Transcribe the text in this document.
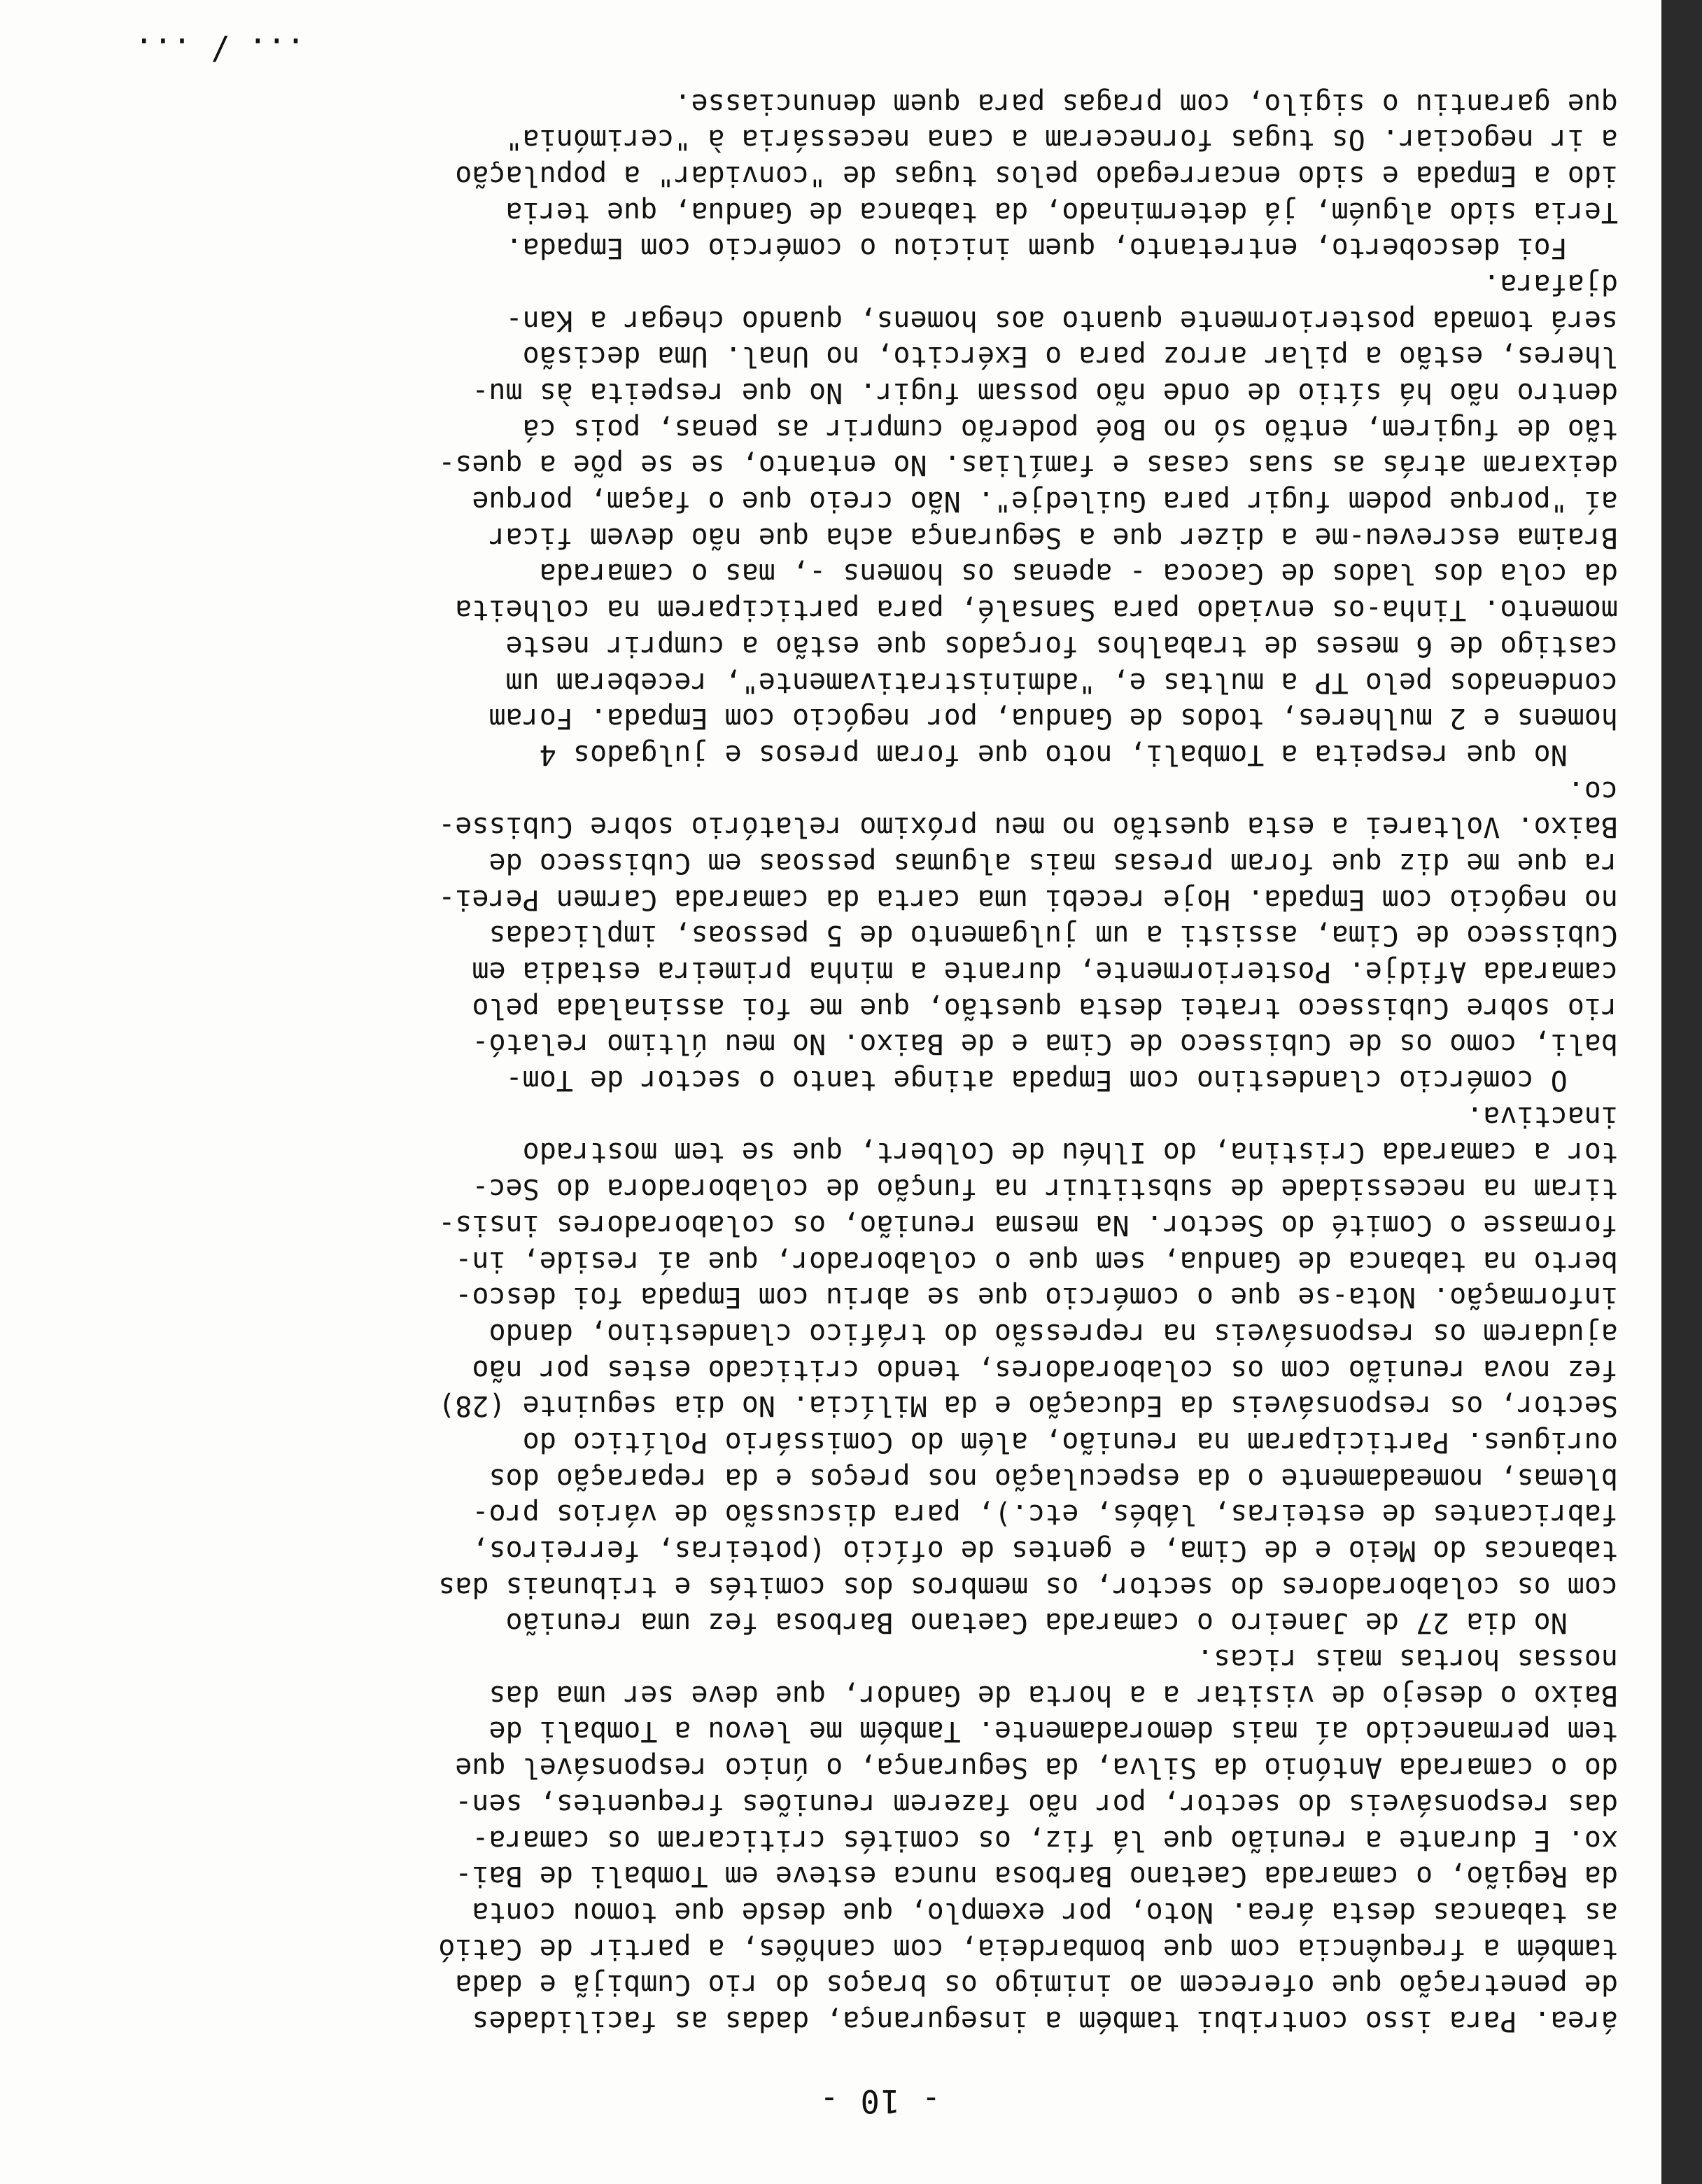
- 10 -
área. Para isso contribui também a insegurança, dadas as facilidades
de penetração que oferecem ao inimigo os braços do rio Cumbijã e dada
também a frequência com que bombardeia, com canhões, a partir de Catió
as tabancas desta área. Noto, por exemplo, que desde que tomou conta
da Região, o camarada Caetano Barbosa nunca esteve em Tombali de Bai-
xo. E durante a reunião que lá fiz, os comités criticaram os camara-
das responsáveis do sector, por não fazerem reuniões frequentes, sen-
do o camarada António da Silva, da Segurança, o único responsável que
tem permanecido aí mais demoradamente. Também me levou a Tombali de
Baixo o desejo de visitar a a horta de Gandor, que deve ser uma das
nossas hortas mais ricas.
No dia 27 de Janeiro o camarada Caetano Barbosa fez uma reunião
com os colaboradores do sector, os membros dos comités e tribunais das
tabancas do Meio e de Cima, e gentes de ofício (poteiras, ferreiros,
fabricantes de esteiras, lábés, etc.), para discussão de vários pro-
blemas, nomeadamente o da especulação nos preços e da reparação dos
ourigues. Participaram na reunião, além do Comissário Político do
Sector, os responsáveis da Educação e da Milícia. No dia seguinte (28)
fez nova reunião com os colaboradores, tendo criticado estes por não
ajudarem os responsáveis na repressão do tráfico clandestino, dando
informação. Nota-se que o comércio que se abriu com Empada foi desco-
berto na tabanca de Gandua, sem que o colaborador, que aí reside, in-
formasse o Comité do Sector. Na mesma reunião, os colaboradores insis-
tiram na necessidade de substituir na função de colaboradora do Sec-
tor a camarada Cristina, do Ilhéu de Colbert, que se tem mostrado
inactiva.
O comércio clandestino com Empada atinge tanto o sector de Tom-
bali, como os de Cubisseco de Cima e de Baixo. No meu último relató-
rio sobre Cubisseco tratei desta questão, que me foi assinalada pelo
camarada Afidje. Posteriormente, durante a minha primeira estadia em
Cubisseco de Cima, assisti a um julgamento de 5 pessoas, implicadas
no negócio com Empada. Hoje recebi uma carta da camarada Carmen Perei-
ra que me diz que foram presas mais algumas pessoas em Cubisseco de
Baixo. Voltarei a esta questão no meu próximo relatório sobre Cubisse-
co.
No que respeita a Tombali, noto que foram presos e julgados 4
homens e 2 mulheres, todos de Gandua, por negócio com Empada. Foram
condenados pelo TP a multas e, "administrativamente", receberam um
castigo de 6 meses de trabalhos forçados que estão a cumprir neste
momento. Tinha-os enviado para Sansalé, para participarem na colheita
da cola dos lados de Cacoca - apenas os homens -, mas o camarada
Braima escreveu-me a dizer que a Segurança acha que não devem ficar
aí "porque podem fugir para Guiledje". Não creio que o façam, porque
deixaram atrás as suas casas e famílias. No entanto, se se põe a ques-
tão de fugirem, então só no Boé poderão cumprir as penas, pois cá
dentro não há sítio de onde não possam fugir. No que respeita às mu-
lheres, estão a pilar arroz para o Exército, no Unal. Uma decisão
será tomada posteriormente quanto aos homens, quando chegar a Kan-
djafara.
Foi descoberto, entretanto, quem iniciou o comércio com Empada.
Teria sido alguém, já determinado, da tabanca de Gandua, que teria
ido a Empada e sido encarregado pelos tugas de "convidar" a população
a ir negociar. Os tugas forneceram a cana necessária à "cerimónia"
que garantiu o sigilo, com pragas para quem denunciasse.
... / ...
